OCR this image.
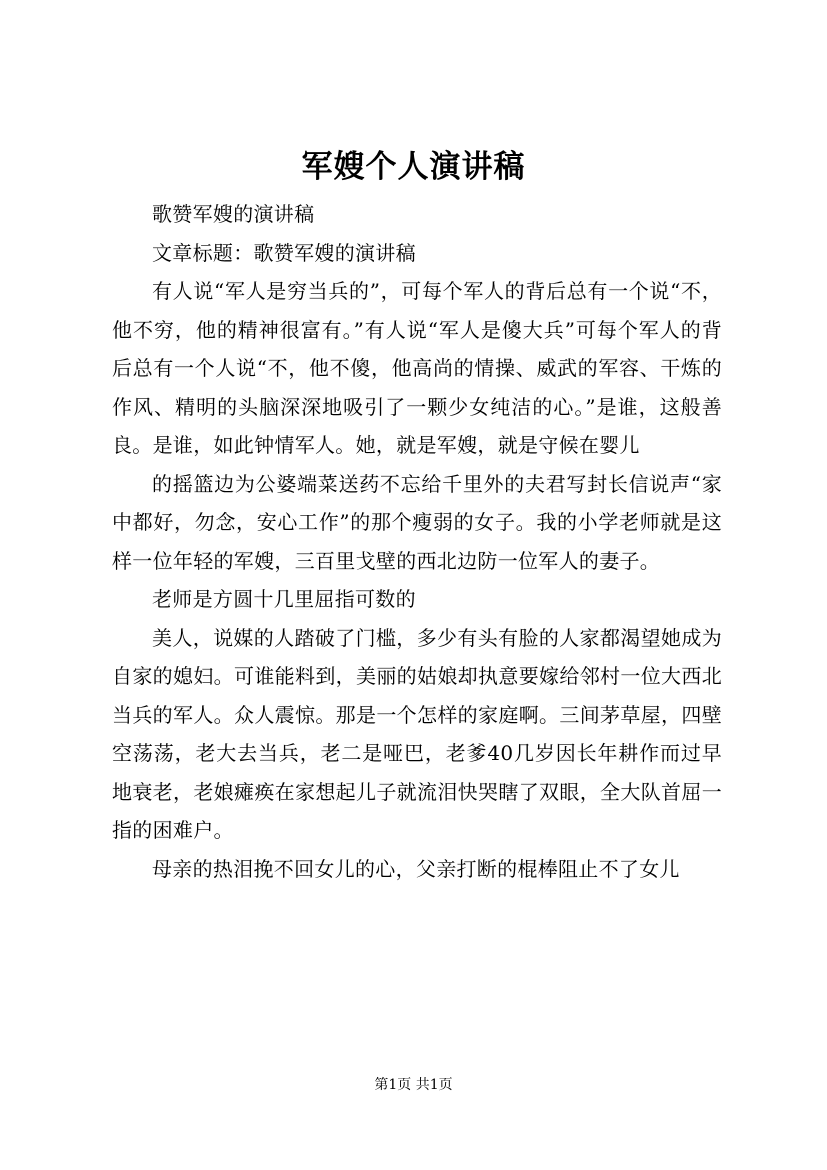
军嫂个人演讲稿

歌赞军嫂的演讲稿

文章标题：歌赞军嫂的演讲稿

有人说“军人是穷当兵的”，可每个军人的背后总有一个说“不，他不穷，他的精神很富有。”有人说“军人是傻大兵”可每个军人的背后总有一个人说“不，他不傻，他高尚的情操、威武的军容、干炼的作风、精明的头脑深深地吸引了一颗少女纯洁的心。”是谁，这般善良。是谁，如此钟情军人。她，就是军嫂，就是守候在婴儿

的摇篮边为公婆端菜送药不忘给千里外的夫君写封长信说声“家中都好，勿念，安心工作”的那个瘦弱的女子。我的小学老师就是这样一位年轻的军嫂，三百里戈壁的西北边防一位军人的妻子。

老师是方圆十几里屈指可数的

美人，说媒的人踏破了门槛，多少有头有脸的人家都渴望她成为自家的媳妇。可谁能料到，美丽的姑娘却执意要嫁给邻村一位大西北当兵的军人。众人震惊。那是一个怎样的家庭啊。三间茅草屋，四壁空荡荡，老大去当兵，老二是哑巴，老爹40几岁因长年耕作而过早地衰老，老娘瘫痪在家想起儿子就流泪快哭瞎了双眼，全大队首屈一指的困难户。

母亲的热泪挽不回女儿的心，父亲打断的棍棒阻止不了女儿

第1页 共1页
